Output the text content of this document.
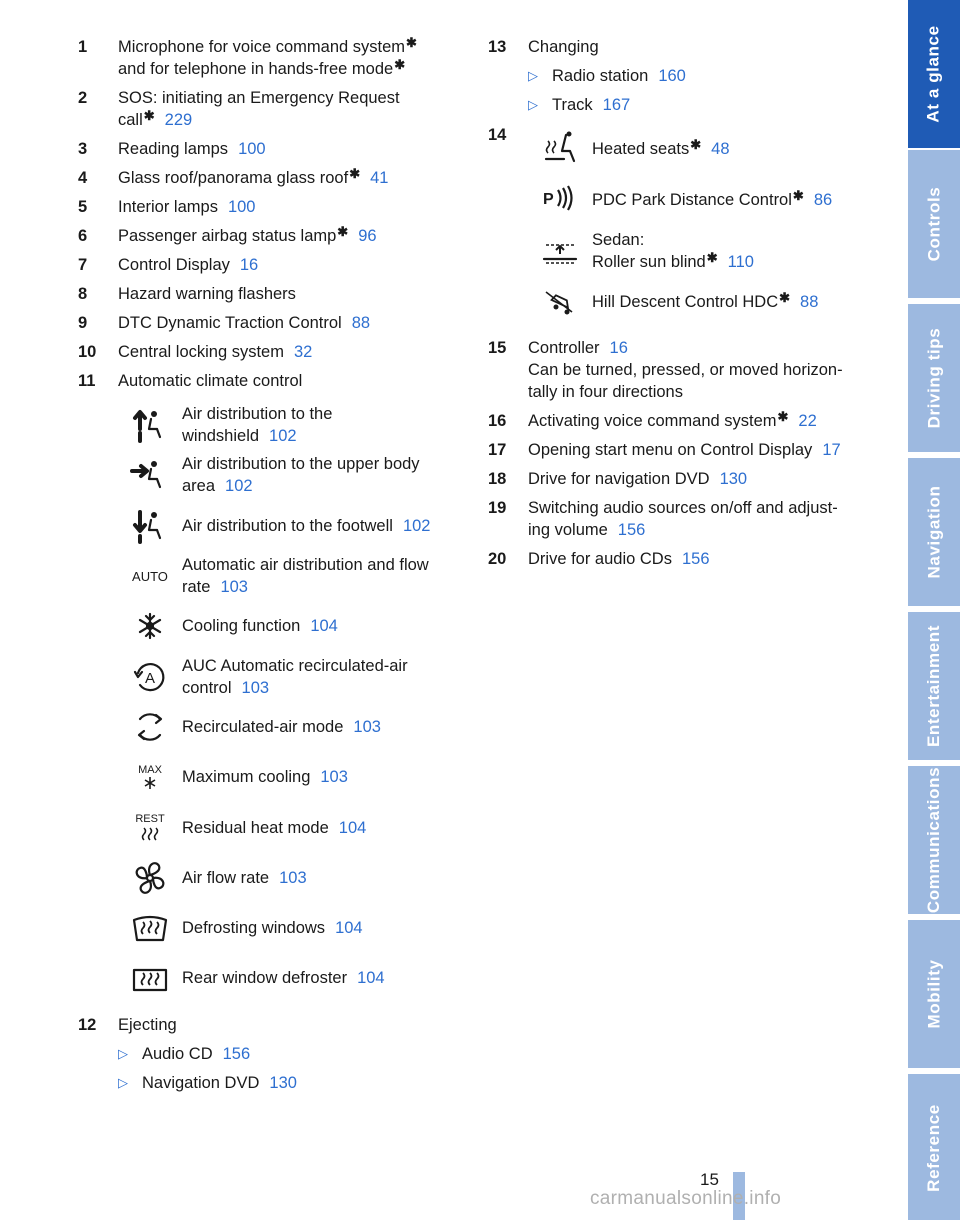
1	Microphone for voice command system✱
and for telephone in hands-free mode✱
2	SOS: initiating an Emergency Request
call✱ 229
3	Reading lamps 100
4	Glass roof/panorama glass roof✱ 41
5	Interior lamps 100
6	Passenger airbag status lamp✱ 96
7	Control Display 16
8	Hazard warning flashers
9	DTC Dynamic Traction Control 88
10	Central locking system 32
11	Automatic climate control
Air distribution to the
windshield 102
Air distribution to the upper body
area 102
Air distribution to the footwell 102
AUTO
Automatic air distribution and flow
rate 103
Cooling function 104
A
AUC Automatic recirculated-air
control 103
Recirculated-air mode 103
MAX Maximum cooling 103
REST Residual heat mode 104
Air flow rate 103
Defrosting windows 104
Rear window defroster 104
12	Ejecting
▷ Audio CD 156
▷ Navigation DVD 130
13	Changing
▷ Radio station 160
▷ Track 167
14
Heated seats✱ 48
P PDC Park Distance Control✱ 86
Sedan:
Roller sun blind✱ 110
Hill Descent Control HDC✱ 88
15	Controller 16
Can be turned, pressed, or moved horizon-
tally in four directions
16	Activating voice command system✱ 22
17	Opening start menu on Control Display 17
18	Drive for navigation DVD 130
19	Switching audio sources on/off and adjust-
ing volume 156
20	Drive for audio CDs 156
At a glance
Controls
Driving tips
Navigation
Entertainment
Communications
Mobility
Reference
15
carmanualsonline.info
